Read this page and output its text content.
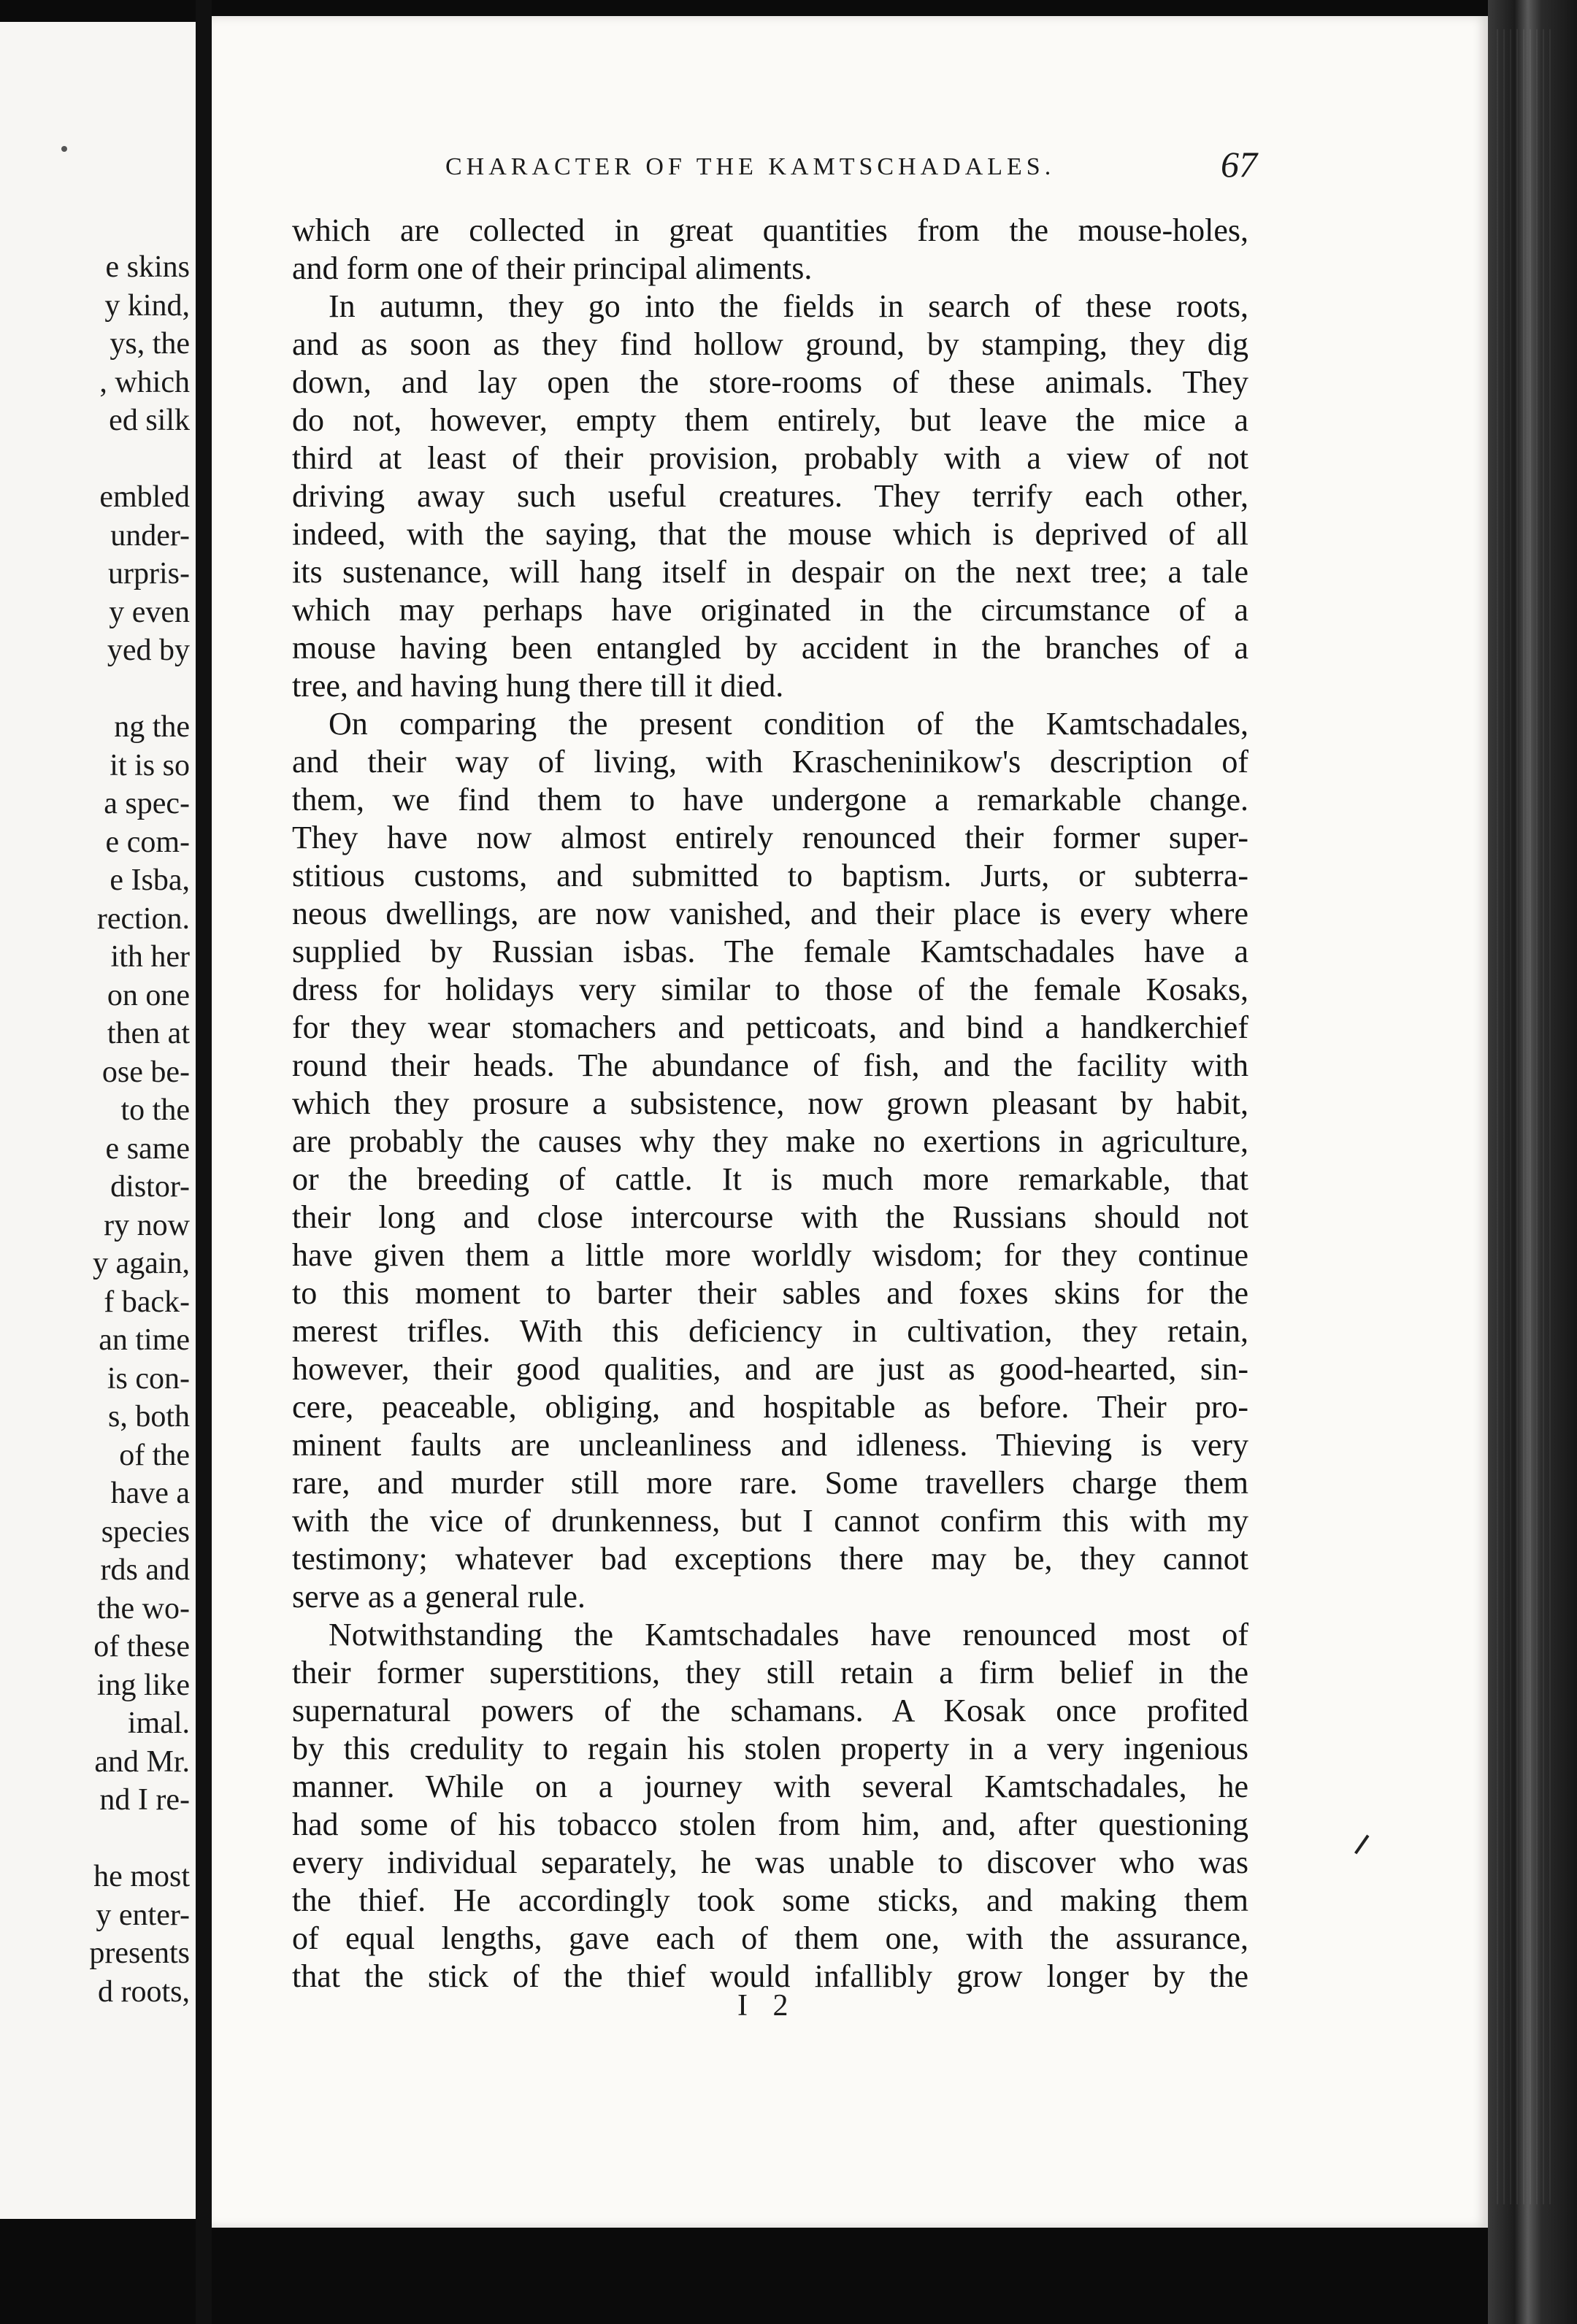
e skins
y kind,
ys, the
, which
ed silk
embled
under-
urpris-
y even
yed by
ng the
it is so
a spec-
e com-
e Isba,
rection.
ith her
on one
then at
ose be-
to the
e same
distor-
ry now
y again,
f back-
an time
is con-
s, both
of the
have a
species
rds and
the wo-
of these
ing like
imal.
and Mr.
nd I re-
he most
y enter-
presents
d roots,
CHARACTER OF THE KAMTSCHADALES.	67
which are collected in great quantities from the mouse-holes,
and form one of their principal aliments.
In autumn, they go into the fields in search of these roots,
and as soon as they find hollow ground, by stamping, they dig
down, and lay open the store-rooms of these animals. They
do not, however, empty them entirely, but leave the mice a
third at least of their provision, probably with a view of not
driving away such useful creatures. They terrify each other,
indeed, with the saying, that the mouse which is deprived of all
its sustenance, will hang itself in despair on the next tree; a tale
which may perhaps have originated in the circumstance of a
mouse having been entangled by accident in the branches of a
tree, and having hung there till it died.
On comparing the present condition of the Kamtschadales,
and their way of living, with Krascheninikow's description of
them, we find them to have undergone a remarkable change.
They have now almost entirely renounced their former super-
stitious customs, and submitted to baptism. Jurts, or subterra-
neous dwellings, are now vanished, and their place is every where
supplied by Russian isbas. The female Kamtschadales have a
dress for holidays very similar to those of the female Kosaks,
for they wear stomachers and petticoats, and bind a handkerchief
round their heads. The abundance of fish, and the facility with
which they prosure a subsistence, now grown pleasant by habit,
are probably the causes why they make no exertions in agriculture,
or the breeding of cattle. It is much more remarkable, that
their long and close intercourse with the Russians should not
have given them a little more worldly wisdom; for they continue
to this moment to barter their sables and foxes skins for the
merest trifles. With this deficiency in cultivation, they retain,
however, their good qualities, and are just as good-hearted, sin-
cere, peaceable, obliging, and hospitable as before. Their pro-
minent faults are uncleanliness and idleness. Thieving is very
rare, and murder still more rare. Some travellers charge them
with the vice of drunkenness, but I cannot confirm this with my
testimony; whatever bad exceptions there may be, they cannot
serve as a general rule.
Notwithstanding the Kamtschadales have renounced most of
their former superstitions, they still retain a firm belief in the
supernatural powers of the schamans. A Kosak once profited
by this credulity to regain his stolen property in a very ingenious
manner. While on a journey with several Kamtschadales, he
had some of his tobacco stolen from him, and, after questioning
every individual separately, he was unable to discover who was
the thief. He accordingly took some sticks, and making them
of equal lengths, gave each of them one, with the assurance,
that the stick of the thief would infallibly grow longer by the
I 2
